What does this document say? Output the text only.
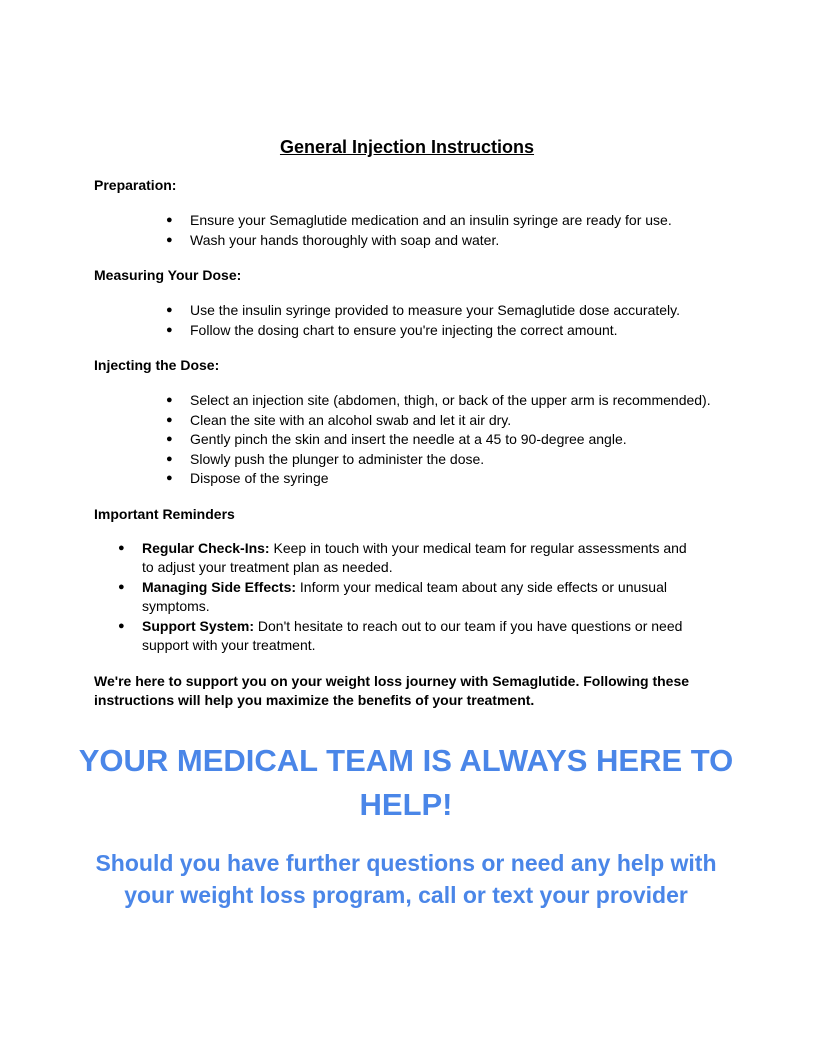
General Injection Instructions
Preparation:
● Ensure your Semaglutide medication and an insulin syringe are ready for use.
● Wash your hands thoroughly with soap and water.
Measuring Your Dose:
● Use the insulin syringe provided to measure your Semaglutide dose accurately.
● Follow the dosing chart to ensure you're injecting the correct amount.
Injecting the Dose:
● Select an injection site (abdomen, thigh, or back of the upper arm is recommended).
● Clean the site with an alcohol swab and let it air dry.
● Gently pinch the skin and insert the needle at a 45 to 90-degree angle.
● Slowly push the plunger to administer the dose.
● Dispose of the syringe
Important Reminders
● Regular Check-Ins: Keep in touch with your medical team for regular assessments and to adjust your treatment plan as needed.
● Managing Side Effects: Inform your medical team about any side effects or unusual symptoms.
● Support System: Don't hesitate to reach out to our team if you have questions or need support with your treatment.

We're here to support you on your weight loss journey with Semaglutide. Following these instructions will help you maximize the benefits of your treatment.

YOUR MEDICAL TEAM IS ALWAYS HERE TO HELP!
Should you have further questions or need any help with your weight loss program, call or text your provider
